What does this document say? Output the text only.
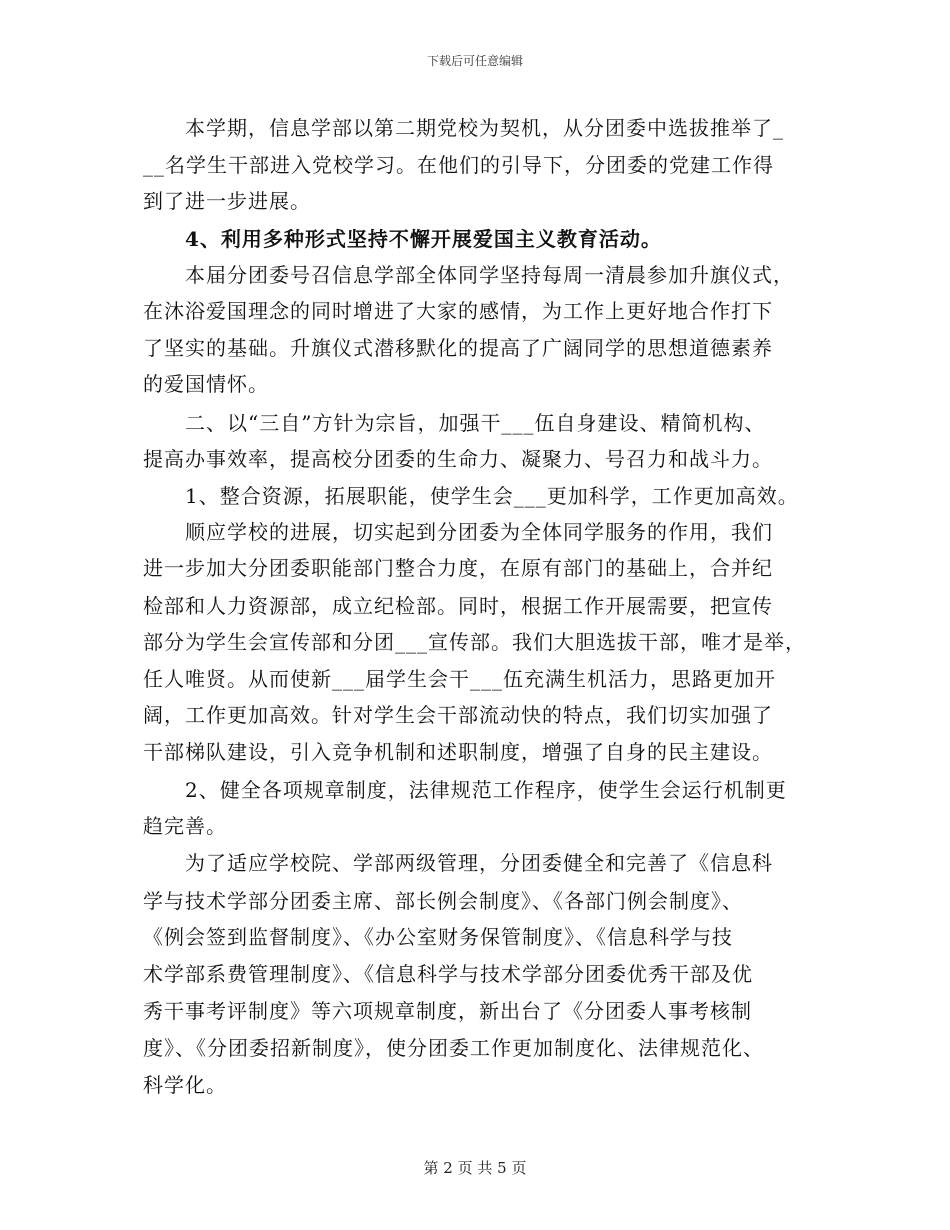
下载后可任意编辑
　　本学期，信息学部以第二期党校为契机，从分团委中选拔推举了_
__名学生干部进入党校学习。在他们的引导下，分团委的党建工作得
到了进一步进展。
　　4、利用多种形式坚持不懈开展爱国主义教育活动。
　　本届分团委号召信息学部全体同学坚持每周一清晨参加升旗仪式，
在沐浴爱国理念的同时增进了大家的感情，为工作上更好地合作打下
了坚实的基础。升旗仪式潜移默化的提高了广阔同学的思想道德素养
的爱国情怀。
　　二、以“三自”方针为宗旨，加强干___伍自身建设、精简机构、
提高办事效率，提高校分团委的生命力、凝聚力、号召力和战斗力。
　　1、整合资源，拓展职能，使学生会___更加科学，工作更加高效。
　　顺应学校的进展，切实起到分团委为全体同学服务的作用，我们
进一步加大分团委职能部门整合力度，在原有部门的基础上，合并纪
检部和人力资源部，成立纪检部。同时，根据工作开展需要，把宣传
部分为学生会宣传部和分团___宣传部。我们大胆选拔干部，唯才是举，
任人唯贤。从而使新___届学生会干___伍充满生机活力，思路更加开
阔，工作更加高效。针对学生会干部流动快的特点，我们切实加强了
干部梯队建设，引入竞争机制和述职制度，增强了自身的民主建设。
　　2、健全各项规章制度，法律规范工作程序，使学生会运行机制更
趋完善。
　　为了适应学校院、学部两级管理，分团委健全和完善了《信息科
学与技术学部分团委主席、部长例会制度》、《各部门例会制度》、
《例会签到监督制度》、《办公室财务保管制度》、《信息科学与技
术学部系费管理制度》、《信息科学与技术学部分团委优秀干部及优
秀干事考评制度》等六项规章制度，新出台了《分团委人事考核制
度》、《分团委招新制度》，使分团委工作更加制度化、法律规范化、
科学化。
第 2 页 共 5 页
